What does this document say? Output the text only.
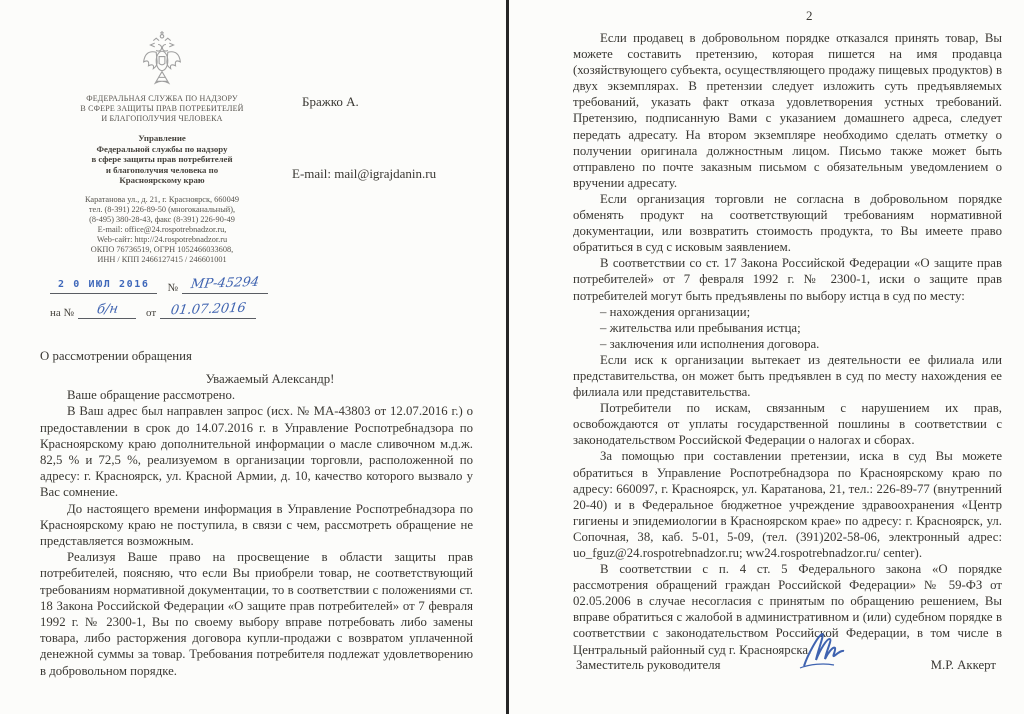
ФЕДЕРАЛЬНАЯ СЛУЖБА ПО НАДЗОРУ
В СФЕРЕ ЗАЩИТЫ ПРАВ ПОТРЕБИТЕЛЕЙ
И БЛАГОПОЛУЧИЯ ЧЕЛОВЕКА
Управление
Федеральной службы по надзору
в сфере защиты прав потребителей
и благополучия человека по
Красноярскому краю
Каратанова ул., д. 21, г. Красноярск, 660049
тел. (8-391) 226-89-50 (многоканальный),
(8-495) 380-28-43, факс (8-391) 226-90-49
E-mail: office@24.rospotrebnadzor.ru,
Web-сайт: http://24.rospotrebnadzor.ru
ОКПО 76736519, ОГРН 1052466033608,
ИНН / КПП 2466127415 / 246601001
2 0 ИЮЛ 2016	№ МР-45294
на №	б/н	от	01.07.2016
Бражко А.
E-mail: mail@igrajdanin.ru
О рассмотрении обращения

Уважаемый Александр!

Ваше обращение рассмотрено.

В Ваш адрес был направлен запрос (исх. № МА-43803 от 12.07.2016 г.) о предоставлении в срок до 14.07.2016 г. в Управление Роспотребнадзора по Красноярскому краю дополнительной информации о масле сливочном м.д.ж. 82,5 % и 72,5 %, реализуемом в организации торговли, расположенной по адресу: г. Красноярск, ул. Красной Армии, д. 10, качество которого вызвало у Вас сомнение.

До настоящего времени информация в Управление Роспотребнадзора по Красноярскому краю не поступила, в связи с чем, рассмотреть обращение не представляется возможным.

Реализуя Ваше право на просвещение в области защиты прав потребителей, поясняю, что если Вы приобрели товар, не соответствующий требованиям нормативной документации, то в соответствии с положениями ст. 18 Закона Российской Федерации «О защите прав потребителей» от 7 февраля 1992 г. № 2300-1, Вы по своему выбору вправе потребовать либо замены товара, либо расторжения договора купли-продажи с возвратом уплаченной денежной суммы за товар. Требования потребителя подлежат удовлетворению в добровольном порядке.

2

Если продавец в добровольном порядке отказался принять товар, Вы можете составить претензию, которая пишется на имя продавца (хозяйствующего субъекта, осуществляющего продажу пищевых продуктов) в двух экземплярах. В претензии следует изложить суть предъявляемых требований, указать факт отказа удовлетворения устных требований. Претензию, подписанную Вами с указанием домашнего адреса, следует передать адресату. На втором экземпляре необходимо сделать отметку о получении оригинала должностным лицом. Письмо также может быть отправлено по почте заказным письмом с обязательным уведомлением о вручении адресату.

Если организация торговли не согласна в добровольном порядке обменять продукт на соответствующий требованиям нормативной документации, или возвратить стоимость продукта, то Вы имеете право обратиться в суд с исковым заявлением.

В соответствии со ст. 17 Закона Российской Федерации «О защите прав потребителей» от 7 февраля 1992 г. № 2300-1, иски о защите прав потребителей могут быть предъявлены по выбору истца в суд по месту:

– нахождения организации;

– жительства или пребывания истца;

– заключения или исполнения договора.

Если иск к организации вытекает из деятельности ее филиала или представительства, он может быть предъявлен в суд по месту нахождения ее филиала или представительства.

Потребители по искам, связанным с нарушением их прав, освобождаются от уплаты государственной пошлины в соответствии с законодательством Российской Федерации о налогах и сборах.

За помощью при составлении претензии, иска в суд Вы можете обратиться в Управление Роспотребнадзора по Красноярскому краю по адресу: 660097, г. Красноярск, ул. Каратанова, 21, тел.: 226-89-77 (внутренний 20-40) и в Федеральное бюджетное учреждение здравоохранения «Центр гигиены и эпидемиологии в Красноярском крае» по адресу: г. Красноярск, ул. Сопочная, 38, каб. 5-01, 5-09, (тел. (391)202-58-06, электронный адрес: uo_fguz@24.rospotrebnadzor.ru; ww24.rospotrebnadzor.ru/ center).

В соответствии с п. 4 ст. 5 Федерального закона «О порядке рассмотрения обращений граждан Российской Федерации» № 59-ФЗ от 02.05.2006 в случае несогласия с принятым по обращению решением, Вы вправе обратиться с жалобой в административном и (или) судебном порядке в соответствии с законодательством Российской Федерации, в том числе в Центральный районный суд г. Красноярска.

Заместитель руководителя	М.Р. Аккерт
